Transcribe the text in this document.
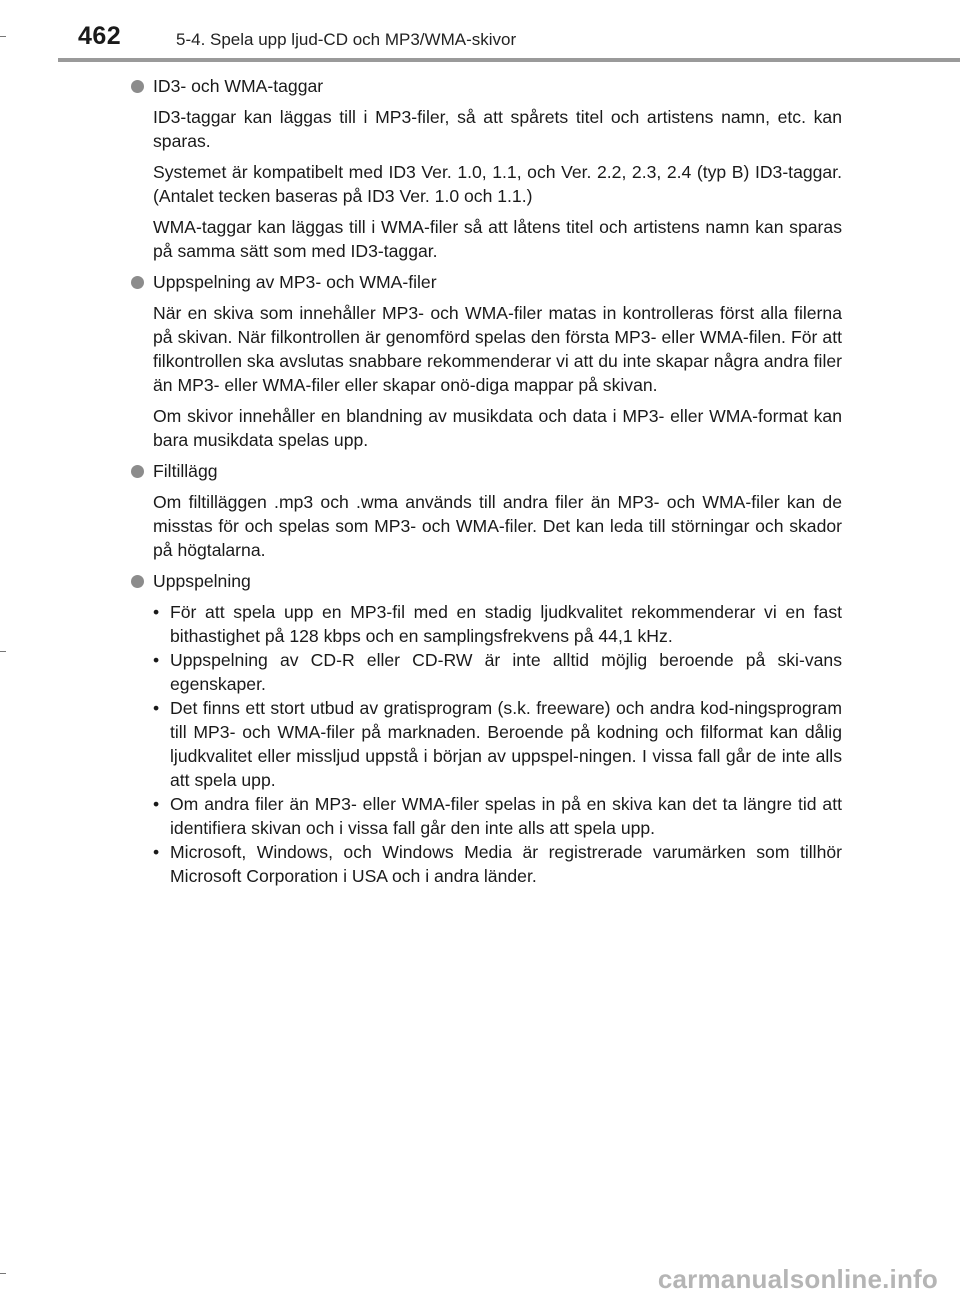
462	5-4. Spela upp ljud-CD och MP3/WMA-skivor

ID3- och WMA-taggar

ID3-taggar kan läggas till i MP3-filer, så att spårets titel och artistens namn, etc. kan sparas.

Systemet är kompatibelt med ID3 Ver. 1.0, 1.1, och Ver. 2.2, 2.3, 2.4 (typ B) ID3-taggar. (Antalet tecken baseras på ID3 Ver. 1.0 och 1.1.)

WMA-taggar kan läggas till i WMA-filer så att låtens titel och artistens namn kan sparas på samma sätt som med ID3-taggar.

Uppspelning av MP3- och WMA-filer

När en skiva som innehåller MP3- och WMA-filer matas in kontrolleras först alla filerna på skivan. När filkontrollen är genomförd spelas den första MP3- eller WMA-filen. För att filkontrollen ska avslutas snabbare rekommenderar vi att du inte skapar några andra filer än MP3- eller WMA-filer eller skapar onö-diga mappar på skivan.

Om skivor innehåller en blandning av musikdata och data i MP3- eller WMA-format kan bara musikdata spelas upp.

Filtillägg

Om filtilläggen .mp3 och .wma används till andra filer än MP3- och WMA-filer kan de misstas för och spelas som MP3- och WMA-filer. Det kan leda till störningar och skador på högtalarna.

Uppspelning

• För att spela upp en MP3-fil med en stadig ljudkvalitet rekommenderar vi en fast bithastighet på 128 kbps och en samplingsfrekvens på 44,1 kHz.
• Uppspelning av CD-R eller CD-RW är inte alltid möjlig beroende på ski-vans egenskaper.
• Det finns ett stort utbud av gratisprogram (s.k. freeware) och andra kod-ningsprogram till MP3- och WMA-filer på marknaden. Beroende på kodning och filformat kan dålig ljudkvalitet eller missljud uppstå i början av uppspel-ningen. I vissa fall går de inte alls att spela upp.
• Om andra filer än MP3- eller WMA-filer spelas in på en skiva kan det ta längre tid att identifiera skivan och i vissa fall går den inte alls att spela upp.
• Microsoft, Windows, och Windows Media är registrerade varumärken som tillhör Microsoft Corporation i USA och i andra länder.
carmanualsonline.info
